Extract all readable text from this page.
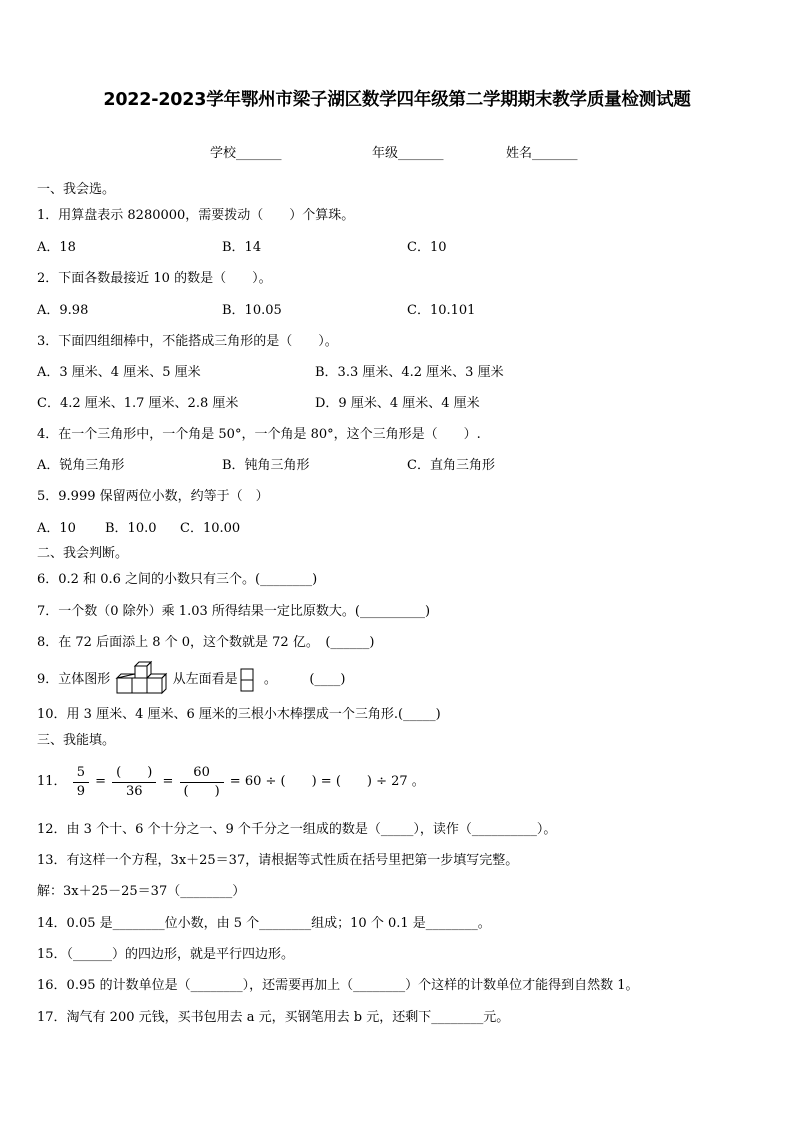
2022-2023学年鄂州市梁子湖区数学四年级第二学期期末教学质量检测试题
学校_______	年级_______	姓名_______
一、我会选。
1．用算盘表示 8280000，需要拨动（　　）个算珠。
A．18	B．14	C．10
2．下面各数最接近 10 的数是（　　）。
A．9.98	B．10.05	C．10.101
3．下面四组细棒中，不能搭成三角形的是（　　）。
A．3 厘米、4 厘米、5 厘米	B．3.3 厘米、4.2 厘米、3 厘米
C．4.2 厘米、1.7 厘米、2.8 厘米	D．9 厘米、4 厘米、4 厘米
4．在一个三角形中，一个角是 50°，一个角是 80°，这个三角形是（　　）.
A．锐角三角形	B．钝角三角形	C．直角三角形
5．9.999 保留两位小数，约等于（　）
A．10 B．10.0 C．10.00
二、我会判断。
6．0.2 和 0.6 之间的小数只有三个。(________)
7．一个数（0 除外）乘 1.03 所得结果一定比原数大。(__________)
8．在 72 后面添上 8 个 0，这个数就是 72 亿。　(______)
9．立体图形	从左面看是 。　　　(____)
10．用 3 厘米、4 厘米、6 厘米的三根小木棒摆成一个三角形.(_____)
三、我能填。
11． $\frac{5}{9} = \frac{( )}{36} = \frac{60}{( )} = 60$ ÷ (　　) = (　　) ÷ 27 。
12．由 3 个十、6 个十分之一、9 个千分之一组成的数是（_____），读作（__________）。
13．有这样一个方程，3x＋25＝37，请根据等式性质在括号里把第一步填写完整。
解：3x＋25－25＝37（________）
14．0.05 是________位小数，由 5 个________组成；10 个 0.1 是________。
15．（______）的四边形，就是平行四边形。
16．0.95 的计数单位是（________），还需要再加上（________）个这样的计数单位才能得到自然数 1。
17．淘气有 200 元钱，买书包用去 a 元，买钢笔用去 b 元，还剩下________元。
